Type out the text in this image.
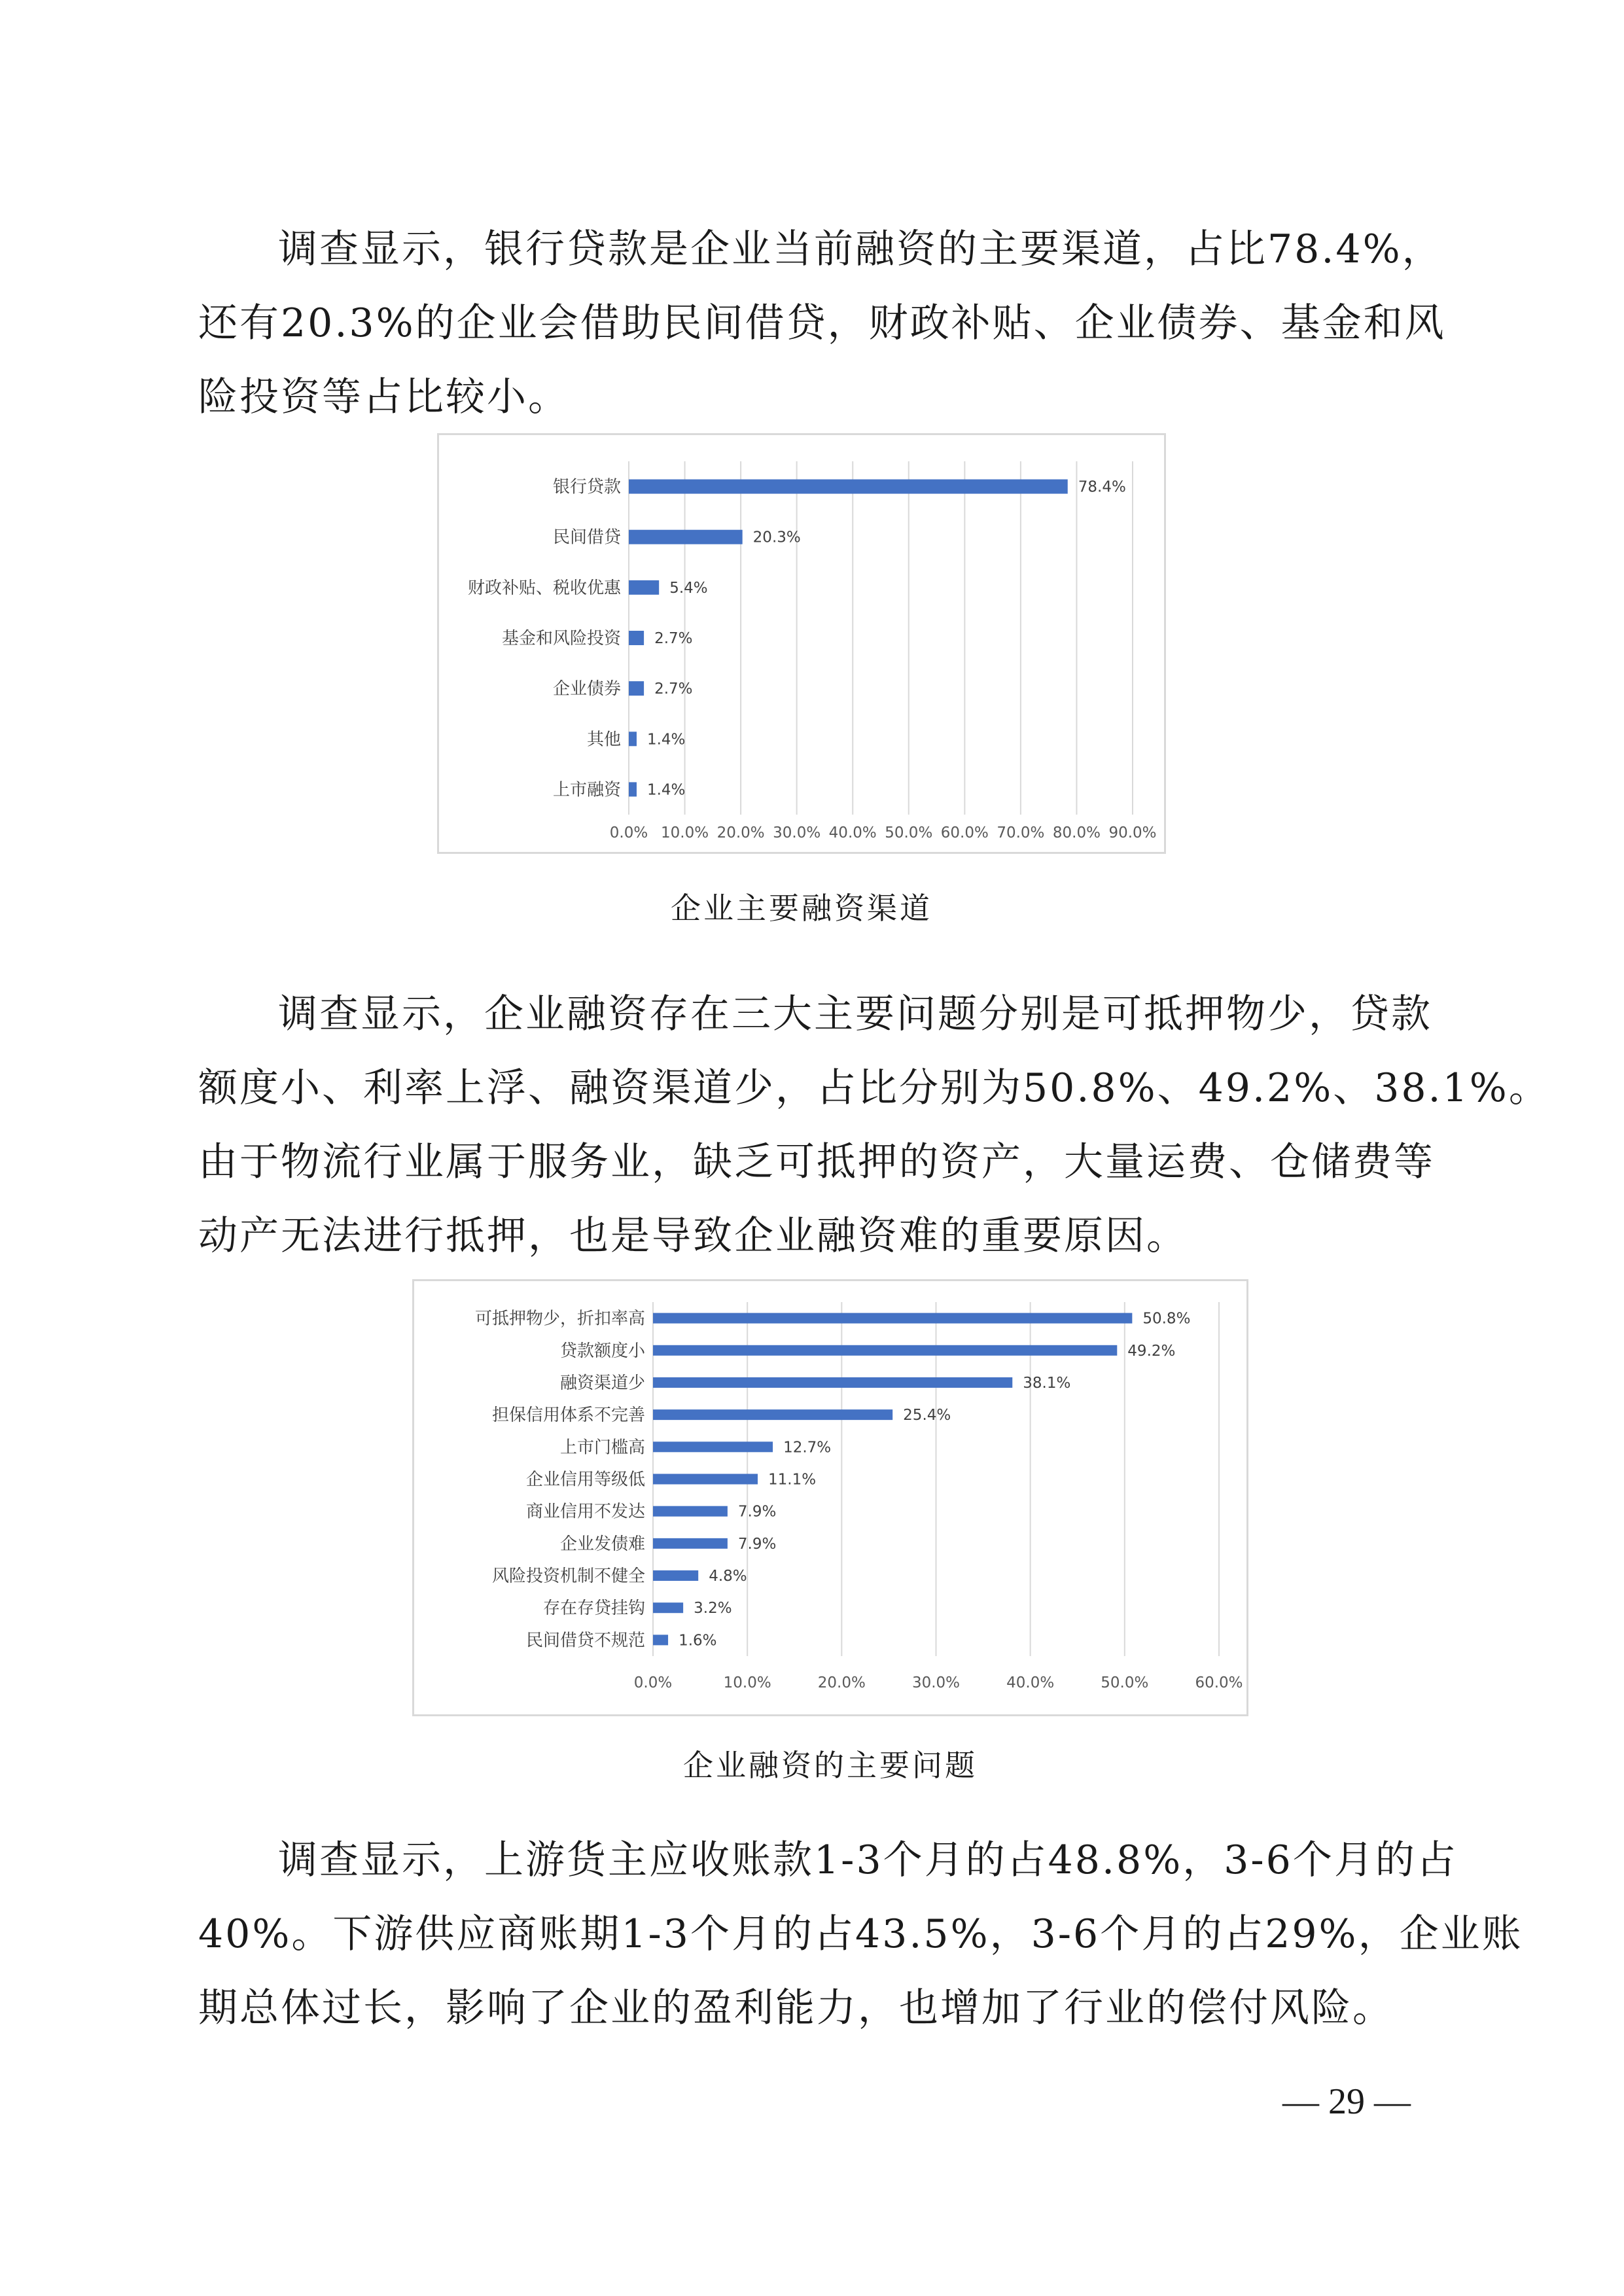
调查显示，银行贷款是企业当前融资的主要渠道，占比78.4%，
还有20.3%的企业会借助民间借贷，财政补贴、企业债券、基金和风
险投资等占比较小。
0.0% 10.0% 20.0% 30.0% 40.0% 50.0% 60.0% 70.0% 80.0% 90.0%
银行贷款	78.4%
民间借贷	20.3%
财政补贴、税收优惠	5.4%
基金和风险投资 2.7%
企业债券 2.7%
其他 1.4%
上市融资 1.4%
企业主要融资渠道
调查显示，企业融资存在三大主要问题分别是可抵押物少，贷款
额度小、利率上浮、融资渠道少，占比分别为50.8%、49.2%、38.1%。
由于物流行业属于服务业，缺乏可抵押的资产，大量运费、仓储费等
动产无法进行抵押，也是导致企业融资难的重要原因。
0.0%	10.0%	20.0%	30.0%	40.0%	50.0%	60.0%
可抵押物少，折扣率高	50.8%
贷款额度小	49.2%
融资渠道少	38.1%
担保信用体系不完善	25.4%
上市门槛高	12.7%
企业信用等级低	11.1%
商业信用不发达	7.9%
企业发债难	7.9%
风险投资机制不健全	4.8%
存在存贷挂钩	3.2%
民间借贷不规范 1.6%
企业融资的主要问题
调查显示，上游货主应收账款1-3个月的占48.8%，3-6个月的占
40%。下游供应商账期1-3个月的占43.5%，3-6个月的占29%，企业账
期总体过长，影响了企业的盈利能力，也增加了行业的偿付风险。
— 29 —
